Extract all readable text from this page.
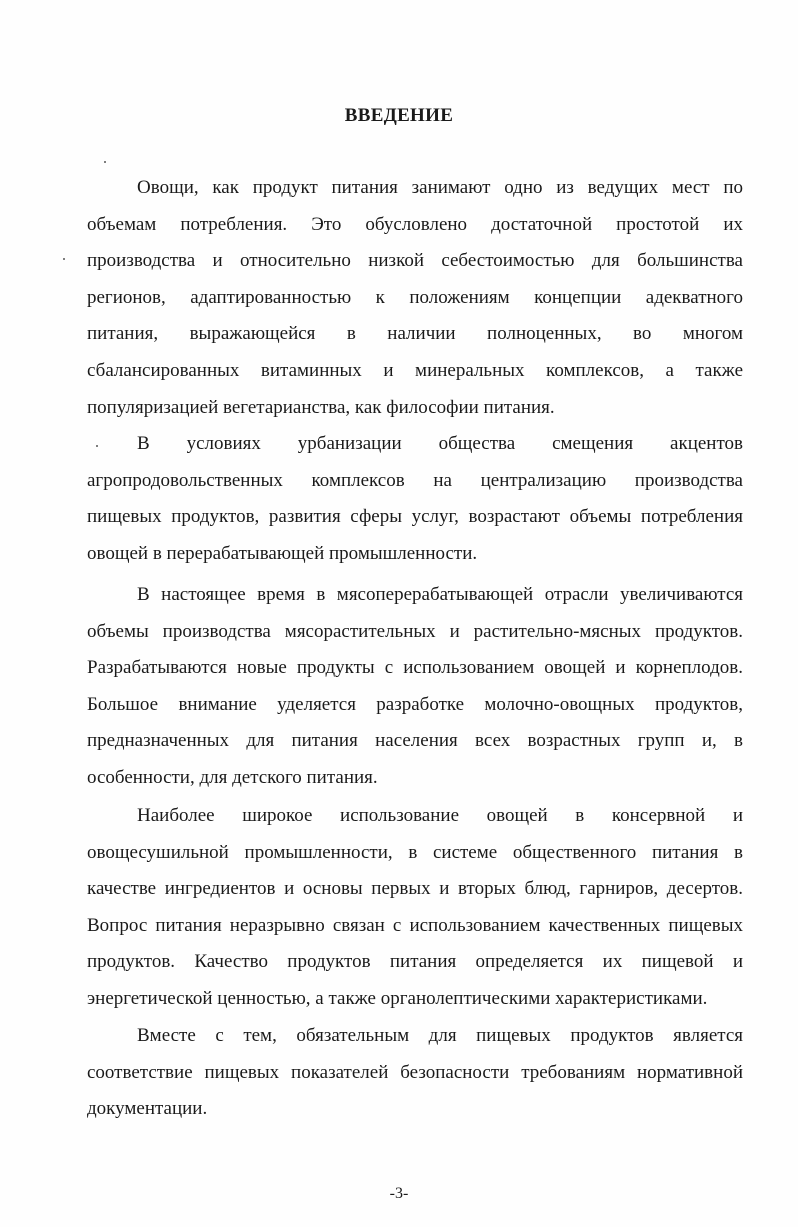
ВВЕДЕНИЕ
Овощи, как продукт питания занимают одно из ведущих мест по
объемам потребления. Это обусловлено достаточной простотой их
производства и относительно низкой себестоимостью для большинства
регионов, адаптированностью к положениям концепции адекватного
питания, выражающейся в наличии полноценных, во многом
сбалансированных витаминных и минеральных комплексов, а также
популяризацией вегетарианства, как философии питания.
В условиях урбанизации общества смещения акцентов
агропродовольственных комплексов на централизацию производства
пищевых продуктов, развития сферы услуг, возрастают объемы потребления
овощей в перерабатывающей промышленности.
В настоящее время в мясоперерабатывающей отрасли увеличиваются
объемы производства мясорастительных и растительно-мясных продуктов.
Разрабатываются новые продукты с использованием овощей и корнеплодов.
Большое внимание уделяется разработке молочно-овощных продуктов,
предназначенных для питания населения всех возрастных групп и, в
особенности, для детского питания.
Наиболее широкое использование овощей в консервной и
овощесушильной промышленности, в системе общественного питания в
качестве ингредиентов и основы первых и вторых блюд, гарниров, десертов.
Вопрос питания неразрывно связан с использованием качественных пищевых
продуктов. Качество продуктов питания определяется их пищевой и
энергетической ценностью, а также органолептическими характеристиками.
Вместе с тем, обязательным для пищевых продуктов является
соответствие пищевых показателей безопасности требованиям нормативной
документации.
-3-
